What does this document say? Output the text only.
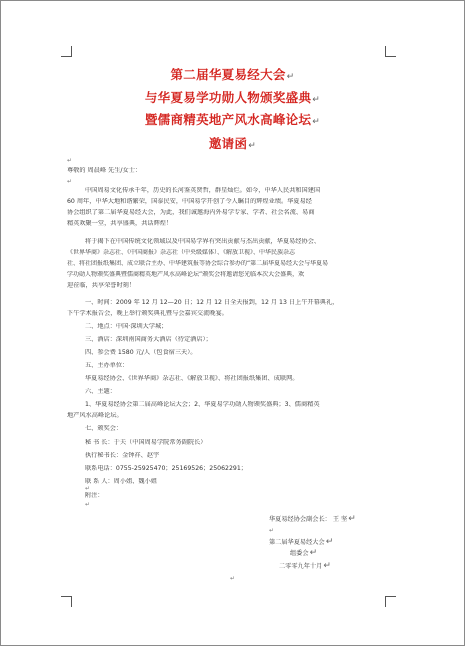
第二届华夏易经大会↵
与华夏易学功勋人物颁奖盛典↵
暨儒商精英地产风水高峰论坛↵
邀请函↵
↵
尊敬的 周晨峰 先生/女士：
↵
中国周易文化传承千年，历史的长河鉴英贤哲，群星灿烂。如今，中华人民共和国建国
60 周年，中华大地和谐繁荣，国泰民安，中国易学开创了令人瞩目的辉煌业绩。华夏易经
协会组织了第二届华夏易经大会，为此，我们诚邀海内外易学专家、学者、社会名流、易商
精英欢聚一堂，共享盛典，共话辉煌！
将于揭下在中国传统文化领域以及中国易学界有突出贡献与杰出贡献，华夏易经协会、
《世界华商》杂志社、《中国商报》杂志社（中央级媒体）、《解放卫视》、中华民族杂志
社、将社团报纸集团、成立联合主办、中华建筑报等协会综合参办的“第二届华夏易经大会与华夏易
学功勋人物颁奖盛典暨儒商精英地产风水高峰论坛”颁奖会将邀请您光临本次大会盛典，欢
迎莅临，共享荣誉时刻！
一、时间：2009 年 12 月 12—20 日；12 月 12 日全天报到，12 月 13 日上午开幕典礼，
下午学术报告会，晚上举行颁奖典礼暨与会嘉宾交流晚宴。
二、地点：中国·深圳大学城；
三、酒店：深圳南国商务大酒店（待定酒店）；
四、参会费 1580 元/人（包食宿三天）。
五、主办单位：
华夏易经协会、《世界华商》杂志社、《解放卫视》、将社团报纸集团、成联网。
六、主题：
1、华夏易经协会第二届高峰论坛大会；2、华夏易学功勋人物颁奖盛典；3、儒商精英
地产风水高峰论坛。
七、颁奖会：
秘 书 长：于夫（中国周易学院常务副院长）
执行秘书长：金钟祥、赵宇
联系电话：0755-25925470；25169526；25062291；
联 系 人：周小姐、魏小姐
↵
附注：
↵
华夏易经协会副会长： 王 坚↵
↵
第二届华夏易经大会↵
组委会↵
二零零九年十月↵
↵
